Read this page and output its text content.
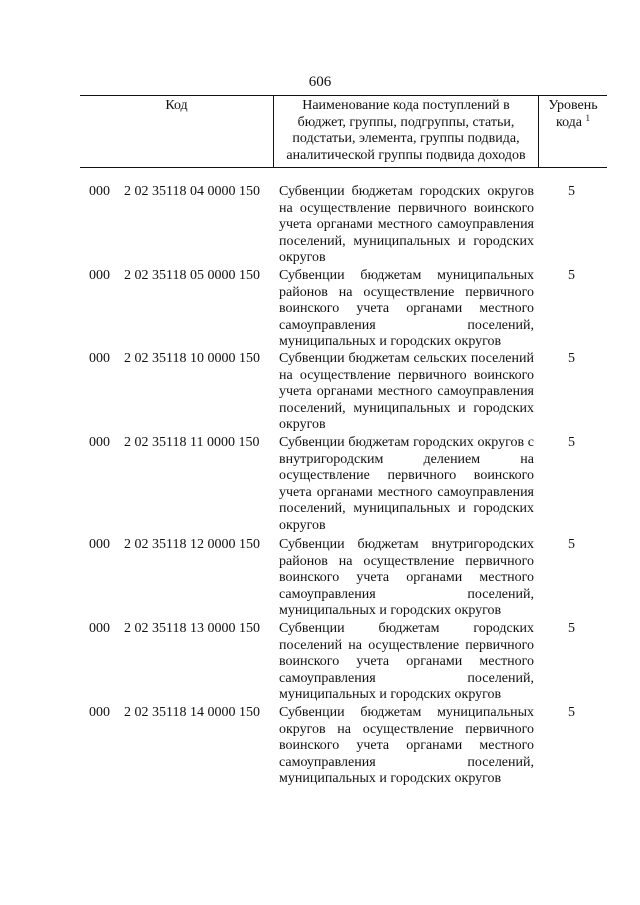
606
Код	Наименование кода поступлений в
бюджет, группы, подгруппы, статьи,
подстатьи, элемента, группы подвида,
аналитической группы подвида доходов
Уровень
кода $^1$
000 2 02 35118 04 0000 150 Субвенции бюджетам городских округов на осуществление первичного воинского учета органами местного самоуправления поселений, муниципальных и городских округов
5
000 2 02 35118 05 0000 150 Субвенции бюджетам муниципальных районов на осуществление первичного воинского учета органами местного самоуправления поселений, муниципальных и городских округов
5
000 2 02 35118 10 0000 150 Субвенции бюджетам сельских поселений на осуществление первичного воинского учета органами местного самоуправления поселений, муниципальных и городских округов
5
000 2 02 35118 11 0000 150 Субвенции бюджетам городских округов с внутригородским делением на осуществление первичного воинского учета органами местного самоуправления поселений, муниципальных и городских округов
5
000 2 02 35118 12 0000 150 Субвенции бюджетам внутригородских районов на осуществление первичного воинского учета органами местного самоуправления поселений, муниципальных и городских округов
5
000 2 02 35118 13 0000 150 Субвенции бюджетам городских поселений на осуществление первичного воинского учета органами местного самоуправления поселений, муниципальных и городских округов
5
000 2 02 35118 14 0000 150 Субвенции бюджетам муниципальных округов на осуществление первичного воинского учета органами местного самоуправления поселений, муниципальных и городских округов
5
